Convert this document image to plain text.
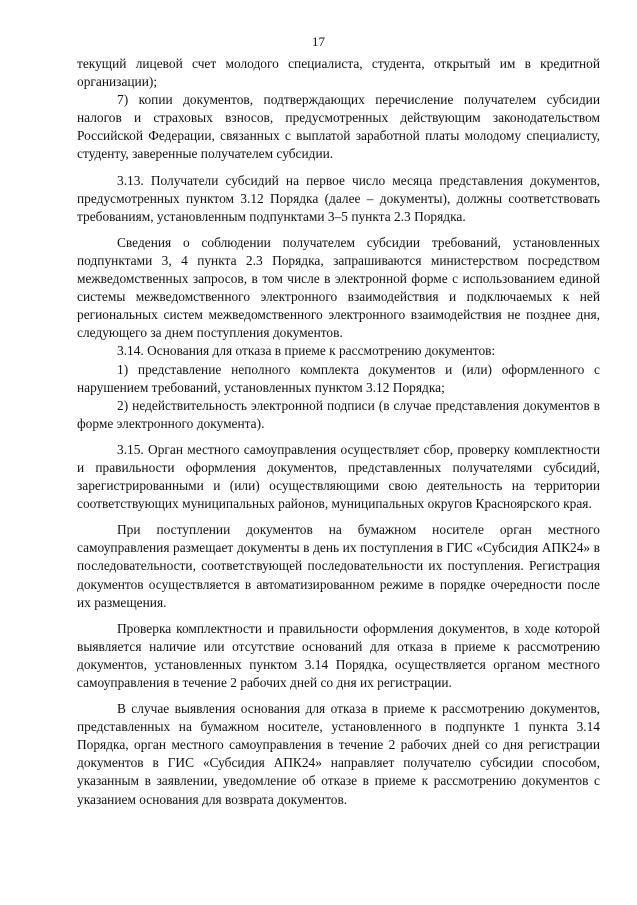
17

текущий лицевой счет молодого специалиста, студента, открытый им в кредитной организации);

7) копии документов, подтверждающих перечисление получателем субсидии налогов и страховых взносов, предусмотренных действующим законодательством Российской Федерации, связанных с выплатой заработной платы молодому специалисту, студенту, заверенные получателем субсидии.

3.13. Получатели субсидий на первое число месяца представления документов, предусмотренных пунктом 3.12 Порядка (далее – документы), должны соответствовать требованиям, установленным подпунктами 3–5 пункта 2.3 Порядка.

Сведения о соблюдении получателем субсидии требований, установленных подпунктами 3, 4 пункта 2.3 Порядка, запрашиваются министерством посредством межведомственных запросов, в том числе в электронной форме с использованием единой системы межведомственного электронного взаимодействия и подключаемых к ней региональных систем межведомственного электронного взаимодействия не позднее дня, следующего за днем поступления документов.

3.14. Основания для отказа в приеме к рассмотрению документов:

1) представление неполного комплекта документов и (или) оформленного с нарушением требований, установленных пунктом 3.12 Порядка;

2) недействительность электронной подписи (в случае представления документов в форме электронного документа).

3.15. Орган местного самоуправления осуществляет сбор, проверку комплектности и правильности оформления документов, представленных получателями субсидий, зарегистрированными и (или) осуществляющими свою деятельность на территории соответствующих муниципальных районов, муниципальных округов Красноярского края.

При поступлении документов на бумажном носителе орган местного самоуправления размещает документы в день их поступления в ГИС «Субсидия АПК24» в последовательности, соответствующей последовательности их поступления. Регистрация документов осуществляется в автоматизированном режиме в порядке очередности после их размещения.

Проверка комплектности и правильности оформления документов, в ходе которой выявляется наличие или отсутствие оснований для отказа в приеме к рассмотрению документов, установленных пунктом 3.14 Порядка, осуществляется органом местного самоуправления в течение 2 рабочих дней со дня их регистрации.

В случае выявления основания для отказа в приеме к рассмотрению документов, представленных на бумажном носителе, установленного в подпункте 1 пункта 3.14 Порядка, орган местного самоуправления в течение 2 рабочих дней со дня регистрации документов в ГИС «Субсидия АПК24» направляет получателю субсидии способом, указанным в заявлении, уведомление об отказе в приеме к рассмотрению документов с указанием основания для возврата документов.
